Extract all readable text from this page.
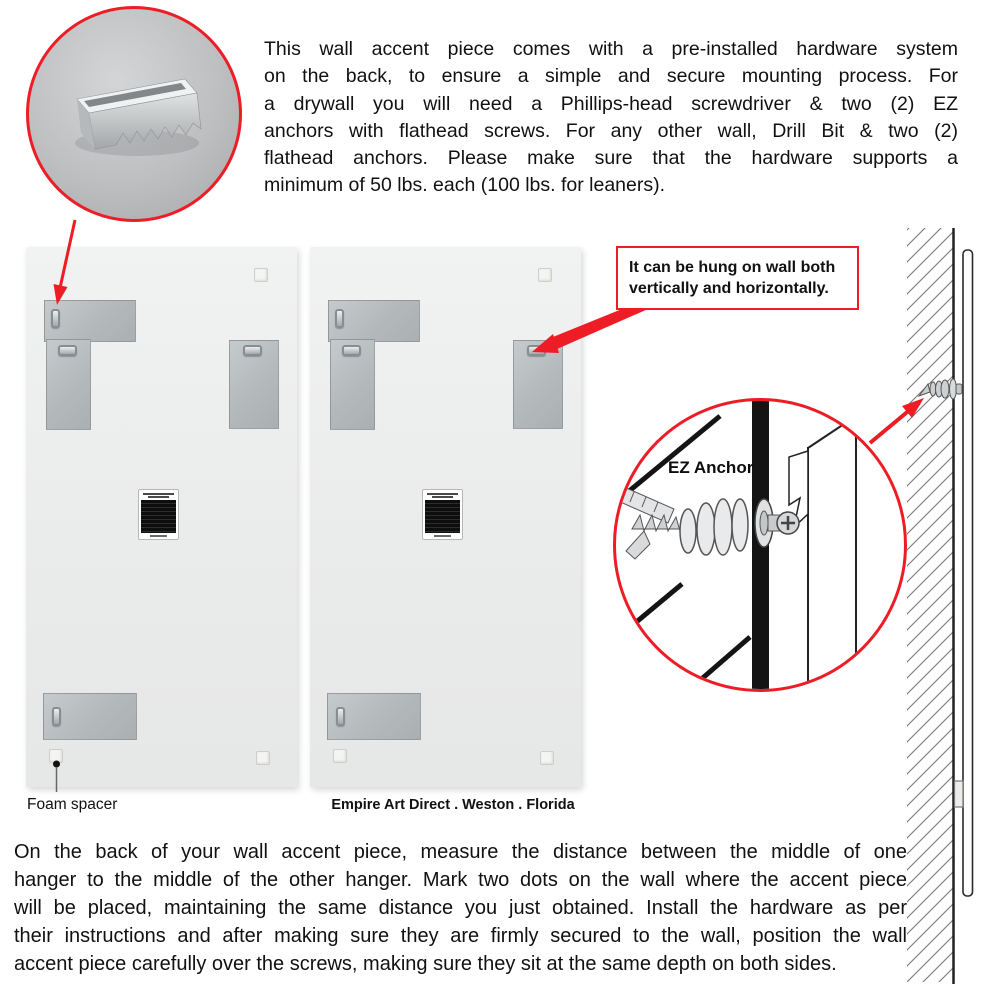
This wall accent piece comes with a pre-installed hardware system
on the back, to ensure a simple and secure mounting process. For
a drywall you will need a Phillips-head screwdriver & two (2) EZ
anchors with flathead screws. For any other wall, Drill Bit & two (2)
flathead anchors. Please make sure that the hardware supports a
minimum of 50 lbs. each (100 lbs. for leaners).
It can be hung on wall both
vertically and horizontally.
EZ Anchor
Foam spacer	Empire Art Direct . Weston . Florida
On the back of your wall accent piece, measure the distance between the middle of one
hanger to the middle of the other hanger. Mark two dots on the wall where the accent piece
will be placed, maintaining the same distance you just obtained. Install the hardware as per
their instructions and after making sure they are firmly secured to the wall, position the wall
accent piece carefully over the screws, making sure they sit at the same depth on both sides.
